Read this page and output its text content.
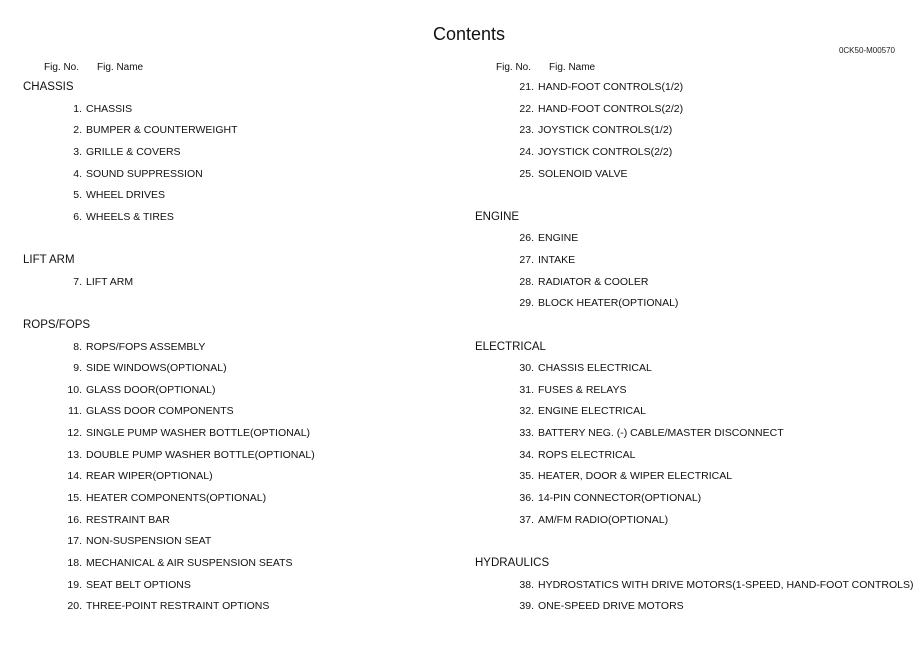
Contents
0CK50-M00570
Fig. No. Fig. Name
CHASSIS
1. CHASSIS
2. BUMPER & COUNTERWEIGHT
3. GRILLE & COVERS
4. SOUND SUPPRESSION
5. WHEEL DRIVES
6. WHEELS & TIRES
LIFT ARM
7. LIFT ARM
ROPS/FOPS
8. ROPS/FOPS ASSEMBLY
9. SIDE WINDOWS(OPTIONAL)
10. GLASS DOOR(OPTIONAL)
11. GLASS DOOR COMPONENTS
12. SINGLE PUMP WASHER BOTTLE(OPTIONAL)
13. DOUBLE PUMP WASHER BOTTLE(OPTIONAL)
14. REAR WIPER(OPTIONAL)
15. HEATER COMPONENTS(OPTIONAL)
16. RESTRAINT BAR
17. NON-SUSPENSION SEAT
18. MECHANICAL & AIR SUSPENSION SEATS
19. SEAT BELT OPTIONS
20. THREE-POINT RESTRAINT OPTIONS
Fig. No. Fig. Name
21. HAND-FOOT CONTROLS(1/2)
22. HAND-FOOT CONTROLS(2/2)
23. JOYSTICK CONTROLS(1/2)
24. JOYSTICK CONTROLS(2/2)
25. SOLENOID VALVE
ENGINE
26. ENGINE
27. INTAKE
28. RADIATOR & COOLER
29. BLOCK HEATER(OPTIONAL)
ELECTRICAL
30. CHASSIS ELECTRICAL
31. FUSES & RELAYS
32. ENGINE ELECTRICAL
33. BATTERY NEG. (-) CABLE/MASTER DISCONNECT
34. ROPS ELECTRICAL
35. HEATER, DOOR & WIPER ELECTRICAL
36. 14-PIN CONNECTOR(OPTIONAL)
37. AM/FM RADIO(OPTIONAL)
HYDRAULICS
38. HYDROSTATICS WITH DRIVE MOTORS(1-SPEED, HAND-FOOT CONTROLS)
39. ONE-SPEED DRIVE MOTORS
